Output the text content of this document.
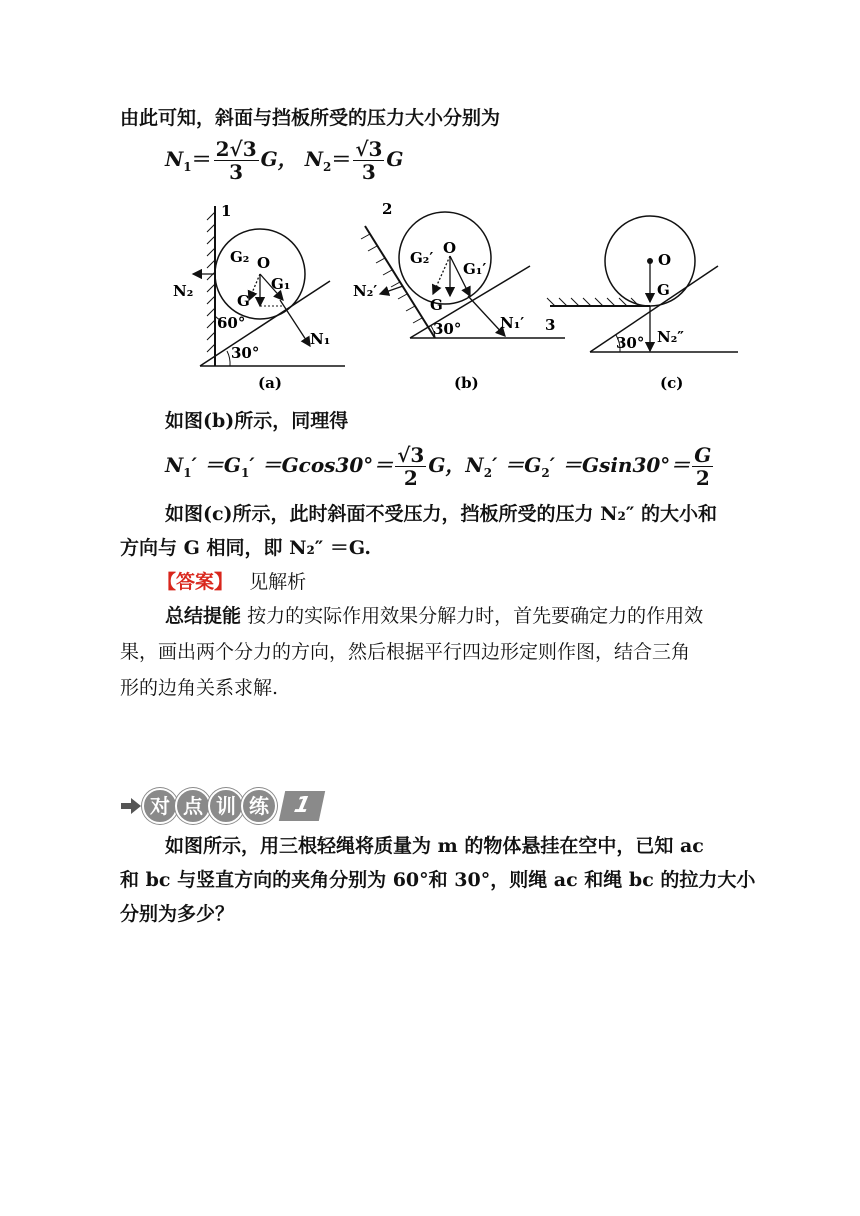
由此可知，斜面与挡板所受的压力大小分别为
$N_1= \frac{2√3}{3}$ G， $N_2= \frac{√3}{3}$ G
1
O
G₂
G₁
G
N₂
N₁
60°
30°
(a)
2
O
G₂′
G₁′
G
N₂′
N₁′
30°
(b)
O
G
N₂″
3
30°
(c)
如图(b)所示，同理得
$N_1' =G_1' =Gcos30^\circ= \frac{√3}{2}$ G，$N_2' =G_2' =Gsin30^\circ= \frac{G}{2}$
如图(c)所示，此时斜面不受压力，挡板所受的压力 N₂″ 的大小和
方向与 G 相同，即 N₂″ ＝G.
【答案】 见解析
总结提能 按力的实际作用效果分解力时，首先要确定力的作用效
果，画出两个分力的方向，然后根据平行四边形定则作图，结合三角
形的边角关系求解.
对 点 训 练	1
如图所示，用三根轻绳将质量为 m 的物体悬挂在空中，已知 ac
和 bc 与竖直方向的夹角分别为 60°和 30°，则绳 ac 和绳 bc 的拉力大小
分别为多少？
